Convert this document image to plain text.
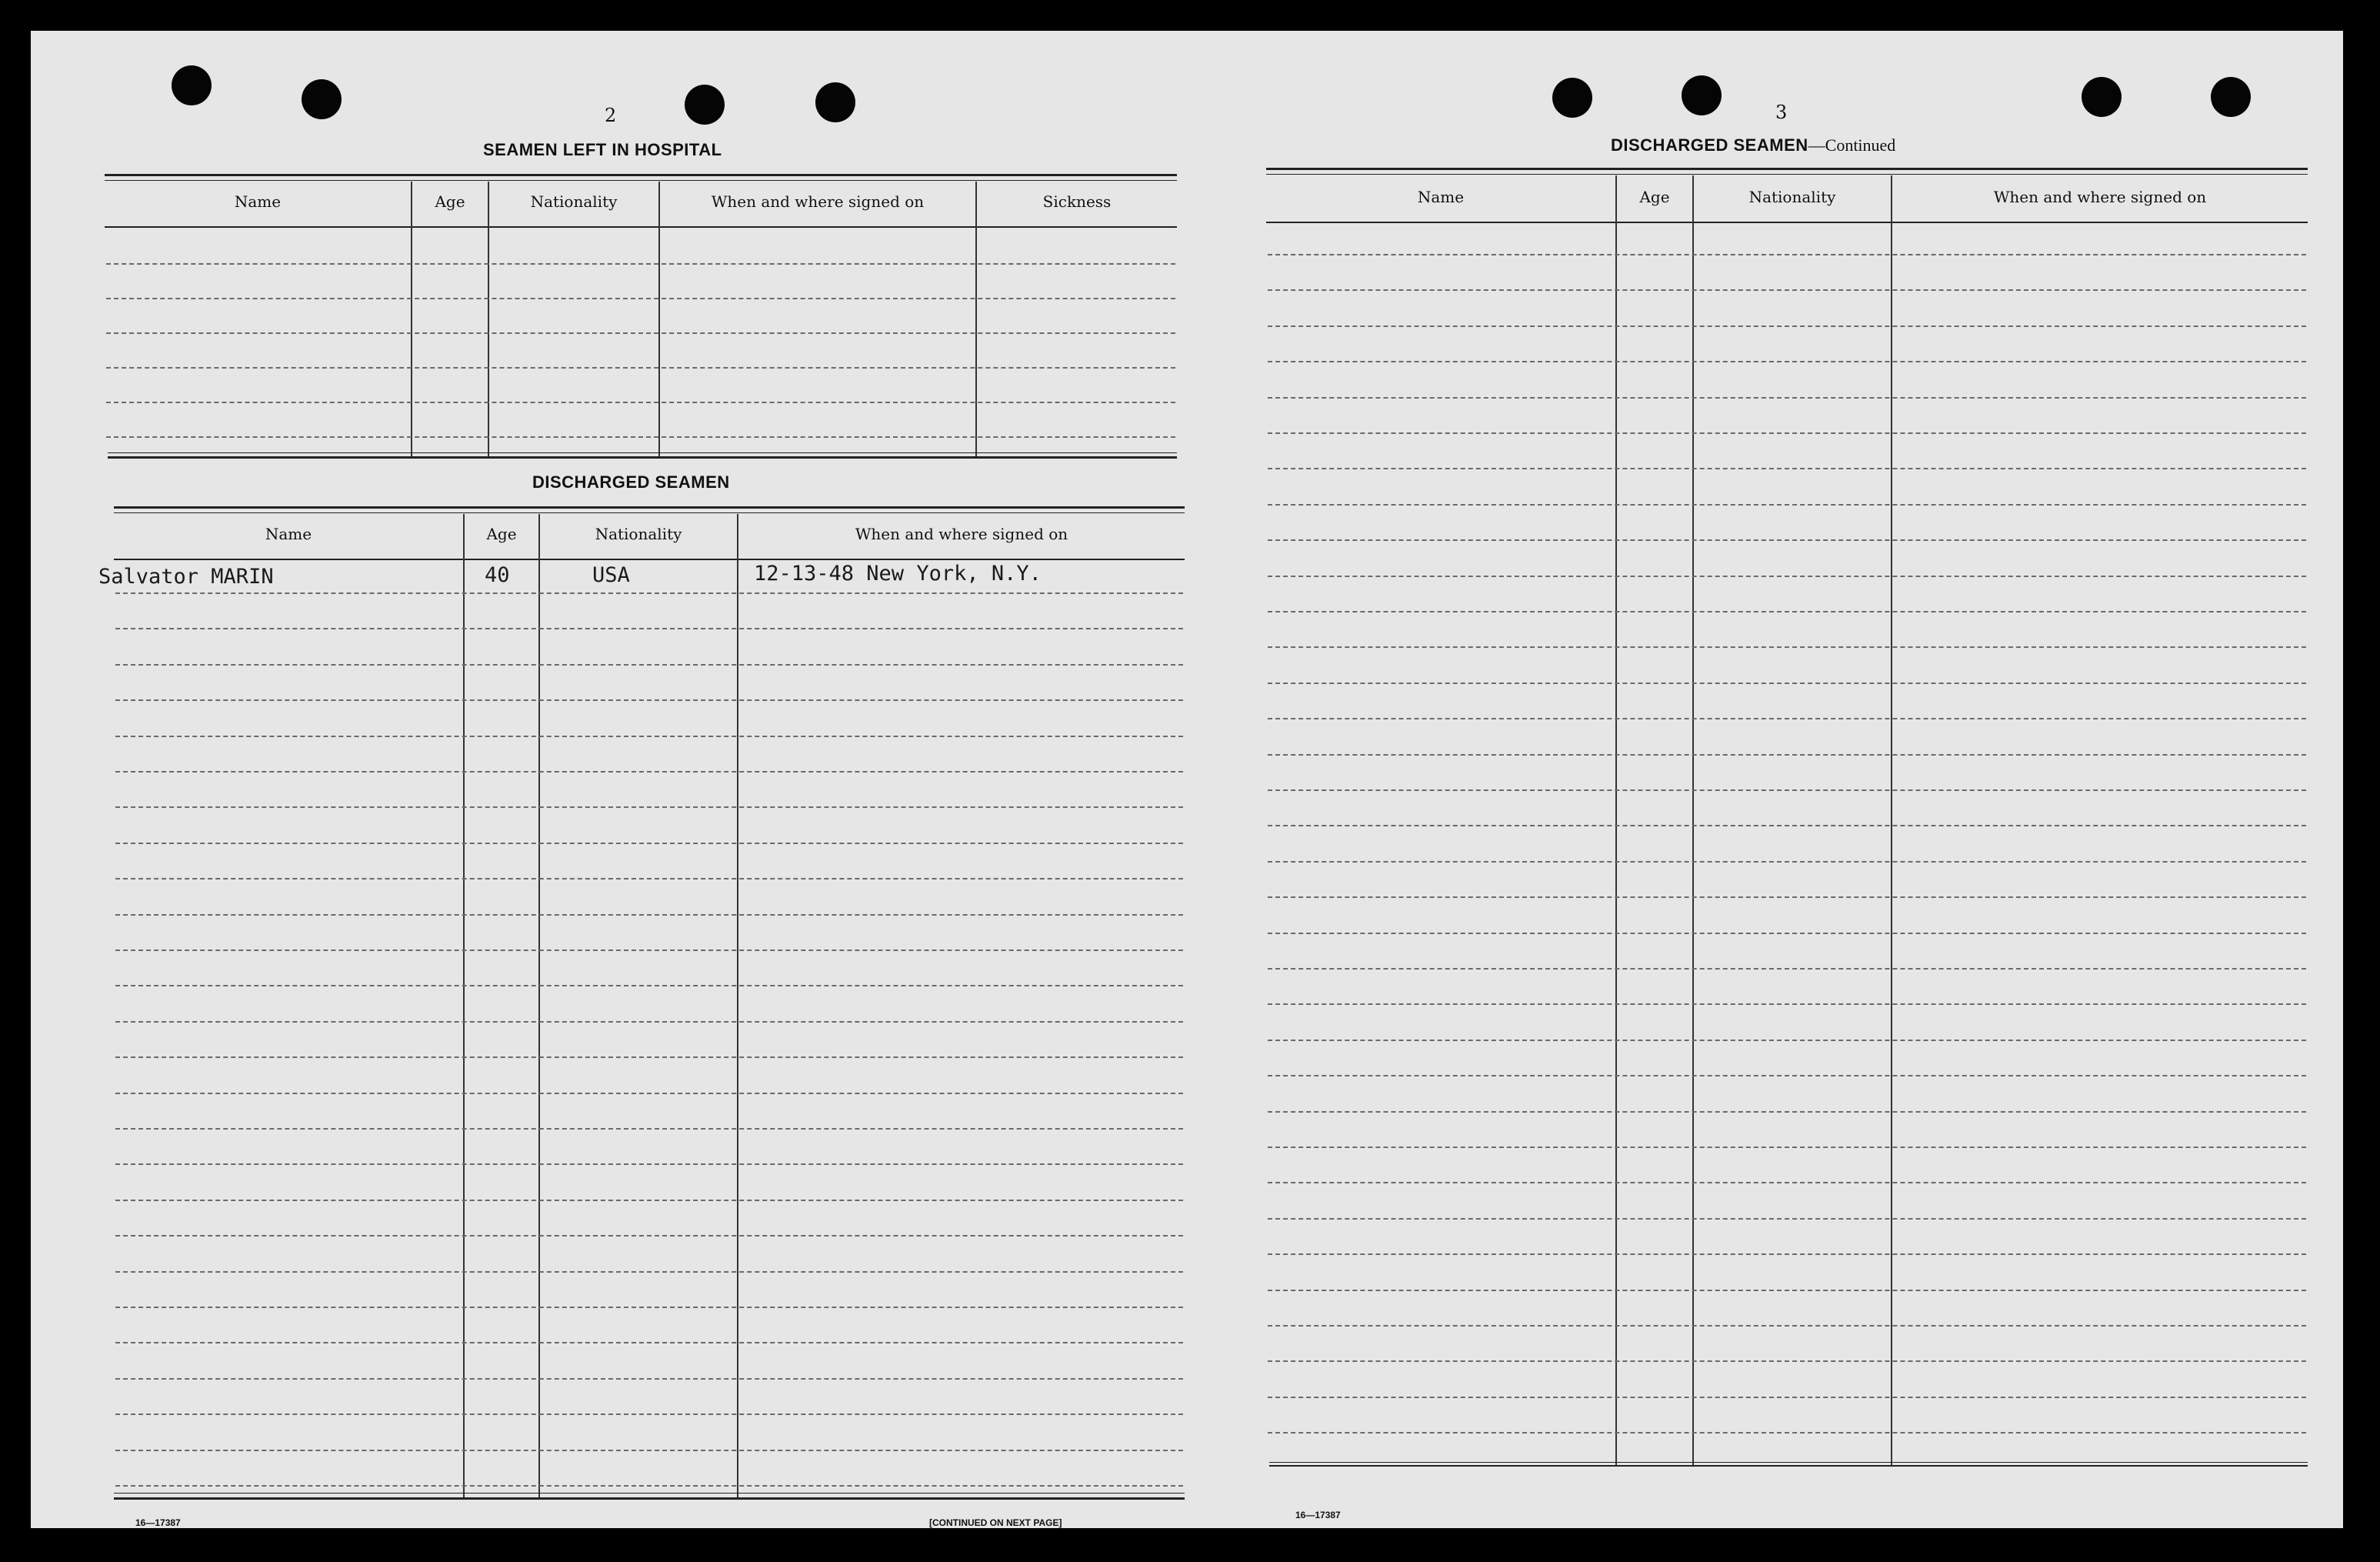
2
SEAMEN LEFT IN HOSPITAL
Name	Age	Nationality	When and where signed on	Sickness
DISCHARGED SEAMEN
Name	Age	Nationality	When and where signed on
Salvator MARIN	40	USA	12-13-48 New York, N.Y.
16—17387	[CONTINUED ON NEXT PAGE]
3
DISCHARGED SEAMEN—Continued
Name	Age	Nationality	When and where signed on
16—17387
